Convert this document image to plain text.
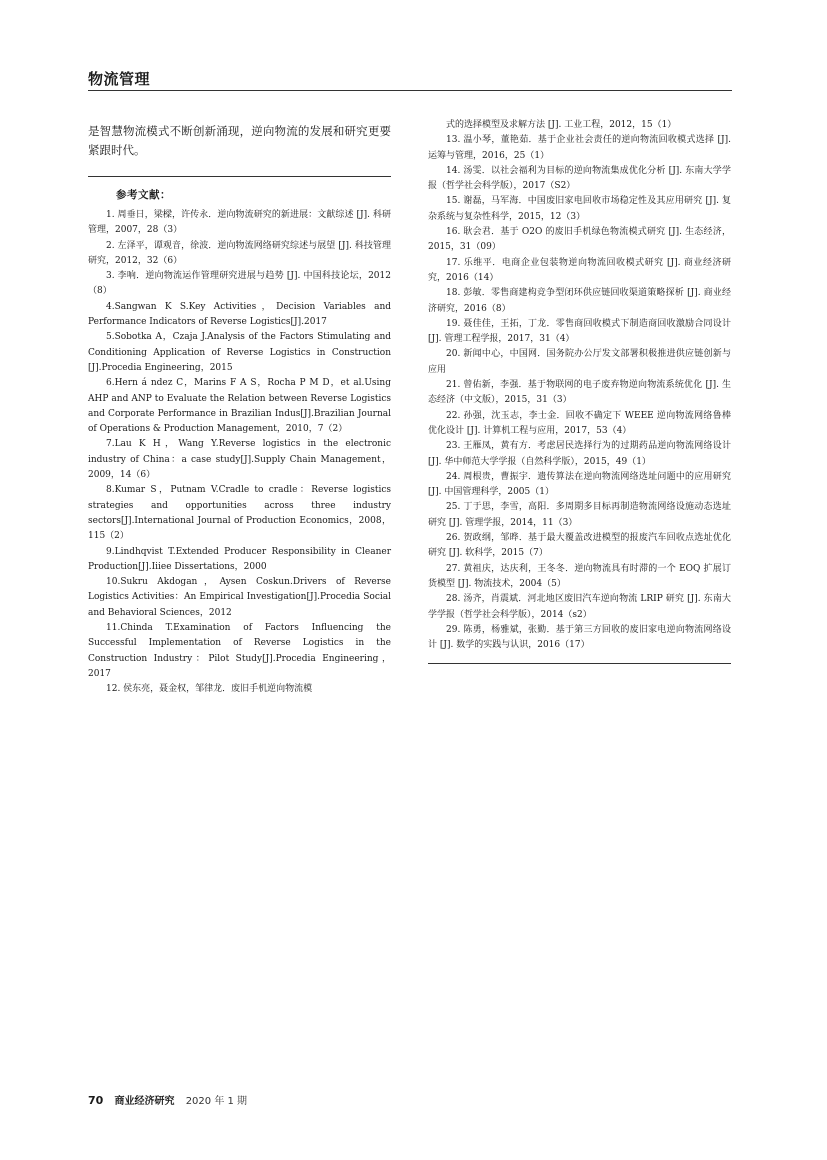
物流管理

是智慧物流模式不断创新涌现，逆向物流的发展和研究更要紧跟时代。

参考文献：

1. 周垂日，梁樑，许传永．逆向物流研究的新进展：文献综述 [J]. 科研管理，2007，28（3）

2. 左泽平，谭观音，徐波．逆向物流网络研究综述与展望 [J]. 科技管理研究，2012，32（6）

3. 李响．逆向物流运作管理研究进展与趋势 [J]. 中国科技论坛，2012（8）

4.Sangwan K S.Key Activities，Decision Variables and Performance Indicators of Reverse Logistics[J].2017

5.Sobotka A，Czaja J.Analysis of the Factors Stimulating and Conditioning Application of Reverse Logistics in Construction [J].Procedia Engineering，2015

6.Hern á ndez C，Marins F A S，Rocha P M D，et al.Using AHP and ANP to Evaluate the Relation between Reverse Logistics and Corporate Performance in Brazilian Indus[J].Brazilian Journal of Operations & Production Management，2010，7（2）

7.Lau K H，Wang Y.Reverse logistics in the electronic industry of China：a case study[J].Supply Chain Management，2009，14（6）

8.Kumar S，Putnam V.Cradle to cradle：Reverse logistics strategies and opportunities across three industry sectors[J].International Journal of Production Economics，2008，115（2）

9.Lindhqvist T.Extended Producer Responsibility in Cleaner Production[J].Iiiee Dissertations，2000

10.Sukru Akdogan，Aysen Coskun.Drivers of Reverse Logistics Activities：An Empirical Investigation[J].Procedia Social and Behavioral Sciences，2012

11.Chinda T.Examination of Factors Influencing the Successful Implementation of Reverse Logistics in the Construction Industry：Pilot Study[J].Procedia Engineering，2017

12. 侯东亮，聂金权，邹律龙．废旧手机逆向物流模

式的选择模型及求解方法 [J]. 工业工程，2012，15（1）

13. 温小琴，董艳茹．基于企业社会责任的逆向物流回收模式选择 [J]. 运筹与管理，2016，25（1）

14. 汤雯．以社会福利为目标的逆向物流集成优化分析 [J]. 东南大学学报（哲学社会科学版），2017（S2）

15. 谢磊，马军海．中国废旧家电回收市场稳定性及其应用研究 [J]. 复杂系统与复杂性科学，2015，12（3）

16. 耿会君．基于 O2O 的废旧手机绿色物流模式研究 [J]. 生态经济，2015，31（09）

17. 乐维平．电商企业包装物逆向物流回收模式研究 [J]. 商业经济研究，2016（14）

18. 彭敏．零售商建构竞争型闭环供应链回收渠道策略探析 [J]. 商业经济研究，2016（8）

19. 聂佳佳，王拓，丁龙．零售商回收模式下制造商回收激励合同设计 [J]. 管理工程学报，2017，31（4）

20. 新闻中心，中国网．国务院办公厅发文部署积极推进供应链创新与应用

21. 曾佑新，李强．基于物联网的电子废弃物逆向物流系统优化 [J]. 生态经济（中文版），2015，31（3）

22. 孙强，沈玉志，李士金．回收不确定下 WEEE 逆向物流网络鲁棒优化设计 [J]. 计算机工程与应用，2017，53（4）

23. 王雁凤，黄有方．考虑居民选择行为的过期药品逆向物流网络设计 [J]. 华中师范大学学报（自然科学版），2015，49（1）

24. 周根贵，曹振宇．遗传算法在逆向物流网络选址问题中的应用研究 [J]. 中国管理科学，2005（1）

25. 丁于思，李雪，高阳．多周期多目标再制造物流网络设施动态选址研究 [J]. 管理学报，2014，11（3）

26. 贺政纲，邹晔．基于最大覆盖改进模型的报废汽车回收点选址优化研究 [J]. 软科学，2015（7）

27. 黄祖庆，达庆利，王冬冬．逆向物流具有时滞的一个 EOQ 扩展订货模型 [J]. 物流技术，2004（5）

28. 汤齐，肖震斌．河北地区废旧汽车逆向物流 LRIP 研究 [J]. 东南大学学报（哲学社会科学版），2014（s2）

29. 陈勇，杨雅斌，张勤．基于第三方回收的废旧家电逆向物流网络设计 [J]. 数学的实践与认识，2016（17）

70 商业经济研究 2020 年 1 期
